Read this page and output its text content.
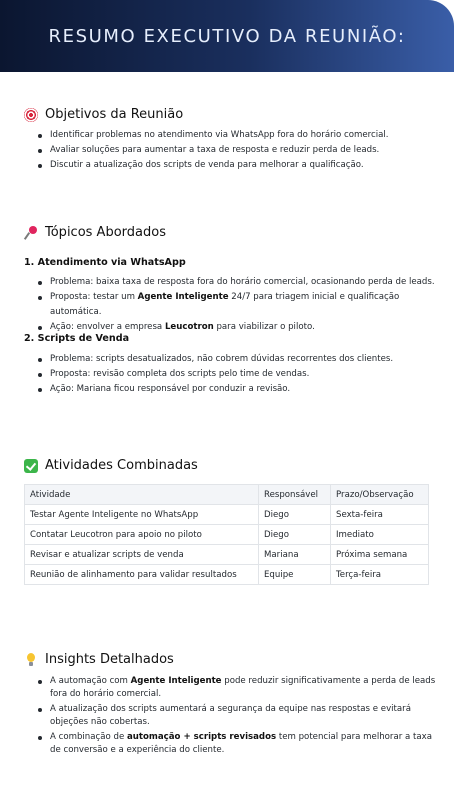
RESUMO EXECUTIVO DA REUNIÃO:
Objetivos da Reunião
Identificar problemas no atendimento via WhatsApp fora do horário comercial.
Avaliar soluções para aumentar a taxa de resposta e reduzir perda de leads.
Discutir a atualização dos scripts de venda para melhorar a qualificação.
Tópicos Abordados
1. Atendimento via WhatsApp
Problema: baixa taxa de resposta fora do horário comercial, ocasionando perda de leads.
Proposta: testar um Agente Inteligente 24/7 para triagem inicial e qualificação automática.
Ação: envolver a empresa Leucotron para viabilizar o piloto.
2. Scripts de Venda
Problema: scripts desatualizados, não cobrem dúvidas recorrentes dos clientes.
Proposta: revisão completa dos scripts pelo time de vendas.
Ação: Mariana ficou responsável por conduzir a revisão.
Atividades Combinadas
Atividade	Responsável	Prazo/Observação
Testar Agente Inteligente no WhatsApp	Diego	Sexta-feira
Contatar Leucotron para apoio no piloto	Diego	Imediato
Revisar e atualizar scripts de venda	Mariana	Próxima semana
Reunião de alinhamento para validar resultados	Equipe	Terça-feira
Insights Detalhados
A automação com Agente Inteligente pode reduzir significativamente a perda de leads fora do horário comercial.
A atualização dos scripts aumentará a segurança da equipe nas respostas e evitará objeções não cobertas.
A combinação de automação + scripts revisados tem potencial para melhorar a taxa de conversão e a experiência do cliente.
